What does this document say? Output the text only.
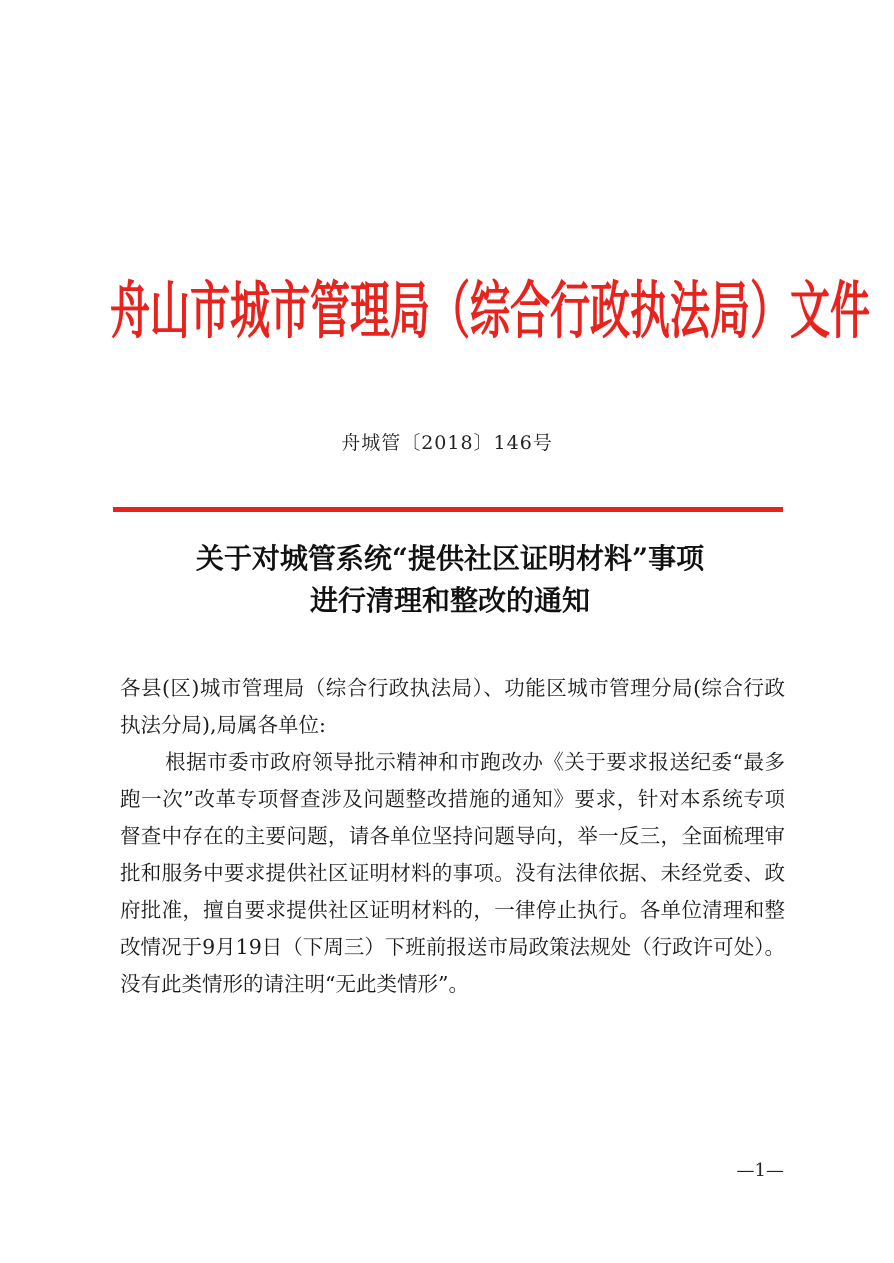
舟山市城市管理局（综合行政执法局）文件
舟城管〔2018〕146号
关于对城管系统“提供社区证明材料”事项
进行清理和整改的通知

各县(区)城市管理局（综合行政执法局）、功能区城市管理分局(综合行政执法分局),局属各单位:

根据市委市政府领导批示精神和市跑改办《关于要求报送纪委“最多跑一次”改革专项督查涉及问题整改措施的通知》要求，针对本系统专项督查中存在的主要问题，请各单位坚持问题导向，举一反三，全面梳理审批和服务中要求提供社区证明材料的事项。没有法律依据、未经党委、政府批准，擅自要求提供社区证明材料的，一律停止执行。各单位清理和整改情况于9月19日（下周三）下班前报送市局政策法规处（行政许可处）。没有此类情形的请注明“无此类情形”。

—1—
